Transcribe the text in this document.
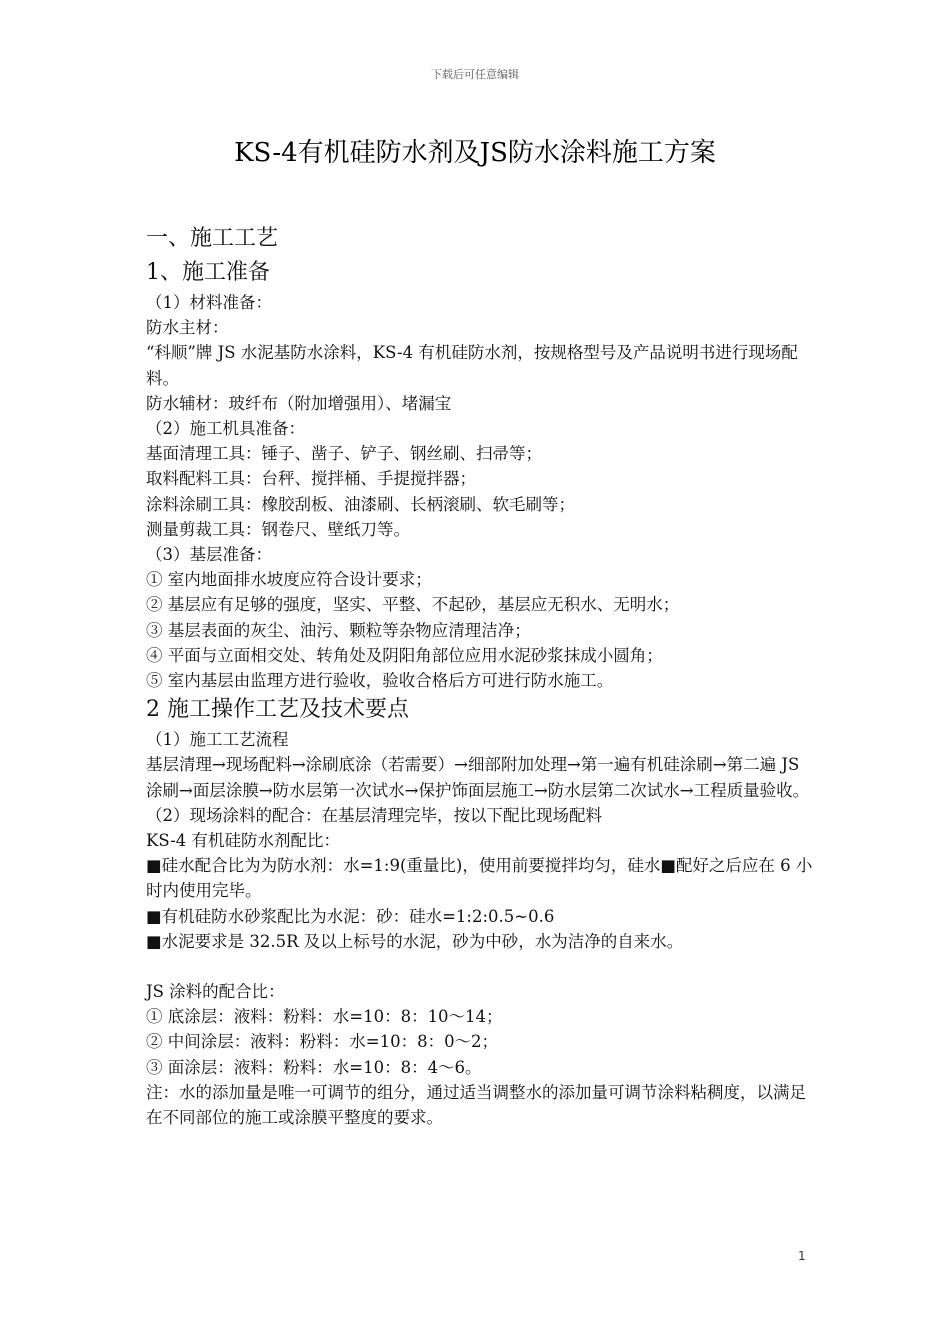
下载后可任意编辑
KS-4有机硅防水剂及JS防水涂料施工方案
一、施工工艺
1、施工准备
（1）材料准备：
防水主材：
“科顺”牌 JS 水泥基防水涂料，KS-4 有机硅防水剂，按规格型号及产品说明书进行现场配料。
防水辅材：玻纤布（附加增强用）、堵漏宝
（2）施工机具准备：
基面清理工具：锤子、凿子、铲子、钢丝刷、扫帚等；
取料配料工具：台秤、搅拌桶、手提搅拌器；
涂料涂刷工具：橡胶刮板、油漆刷、长柄滚刷、软毛刷等；
测量剪裁工具：钢卷尺、壁纸刀等。
（3）基层准备：
① 室内地面排水坡度应符合设计要求；
② 基层应有足够的强度，坚实、平整、不起砂，基层应无积水、无明水；
③ 基层表面的灰尘、油污、颗粒等杂物应清理洁净；
④ 平面与立面相交处、转角处及阴阳角部位应用水泥砂浆抹成小圆角；
⑤ 室内基层由监理方进行验收，验收合格后方可进行防水施工。
2 施工操作工艺及技术要点
（1）施工工艺流程
基层清理→现场配料→涂刷底涂（若需要）→细部附加处理→第一遍有机硅涂刷→第二遍 JS 涂刷→面层涂膜→防水层第一次试水→保护饰面层施工→防水层第二次试水→工程质量验收。
（2）现场涂料的配合：在基层清理完毕，按以下配比现场配料
KS-4 有机硅防水剂配比：
■硅水配合比为为防水剂：水=1:9(重量比)，使用前要搅拌均匀，硅水■配好之后应在 6 小时内使用完毕。
■有机硅防水砂浆配比为水泥：砂：硅水=1:2:0.5~0.6
■水泥要求是 32.5R 及以上标号的水泥，砂为中砂，水为洁净的自来水。
JS 涂料的配合比：
① 底涂层：液料：粉料：水=10：8：10～14；
② 中间涂层：液料：粉料：水=10：8：0～2；
③ 面涂层：液料：粉料：水=10：8：4～6。
注：水的添加量是唯一可调节的组分，通过适当调整水的添加量可调节涂料粘稠度，以满足在不同部位的施工或涂膜平整度的要求。
1
